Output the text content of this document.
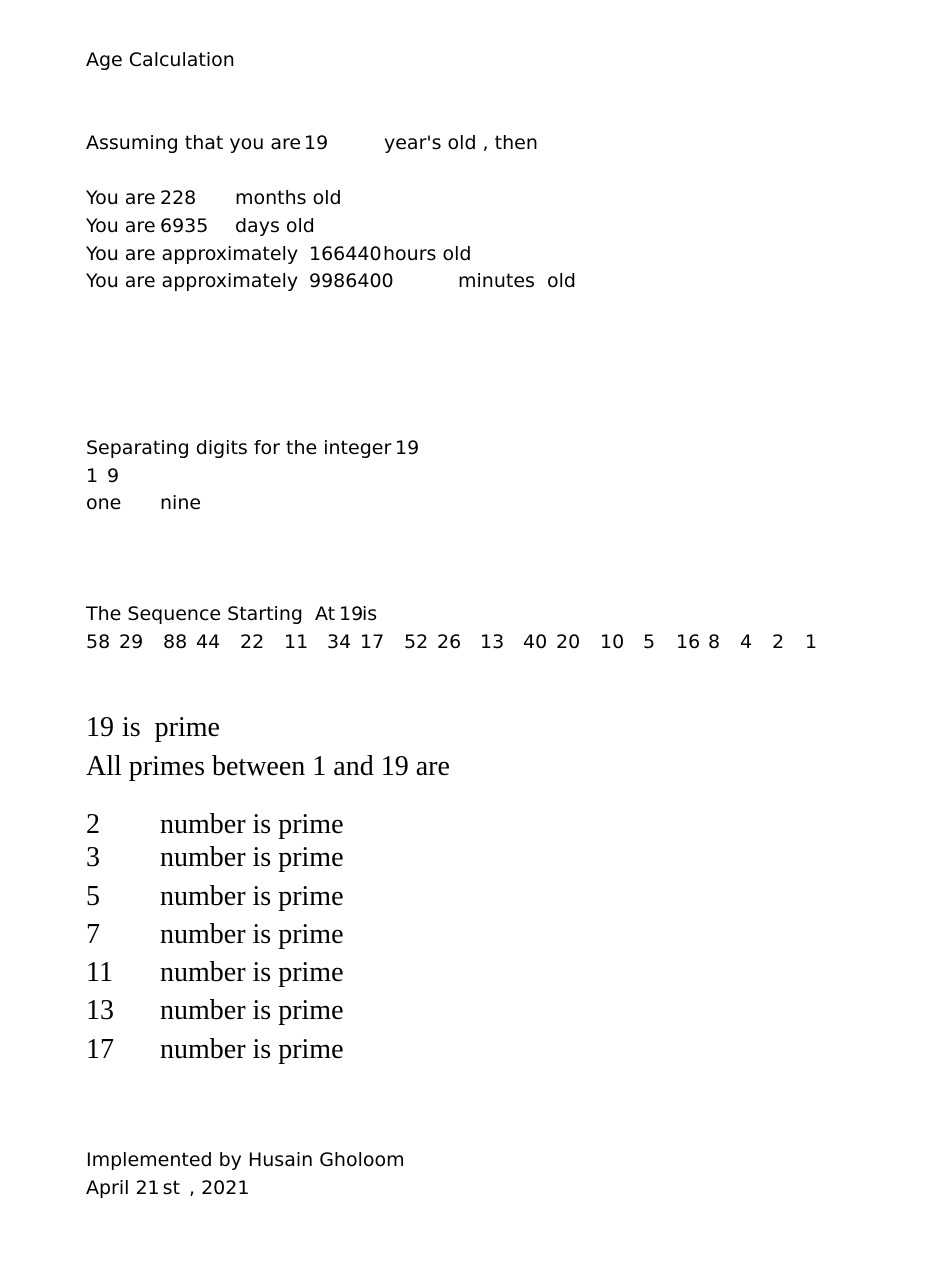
Age Calculation
Assuming that you are 19	year's old , then
You are 228 months old
You are 6935 days old
You are approximately 166440 hours old
You are approximately 9986400	minutes  old
Separating digits for the integer 19
1 9
one nine
The Sequence Starting  At 19
is
58 29 88 44 22 11 34 17 52 26 13 40 20 10 5 16 8 4 2 1
19 is  prime
All primes between 1 and 19 are
2 number is prime
3 number is prime
5 number is prime
7 number is prime
11 number is prime
13 number is prime
17 number is prime
Implemented by Husain Gholoom
April 21 st , 2021
